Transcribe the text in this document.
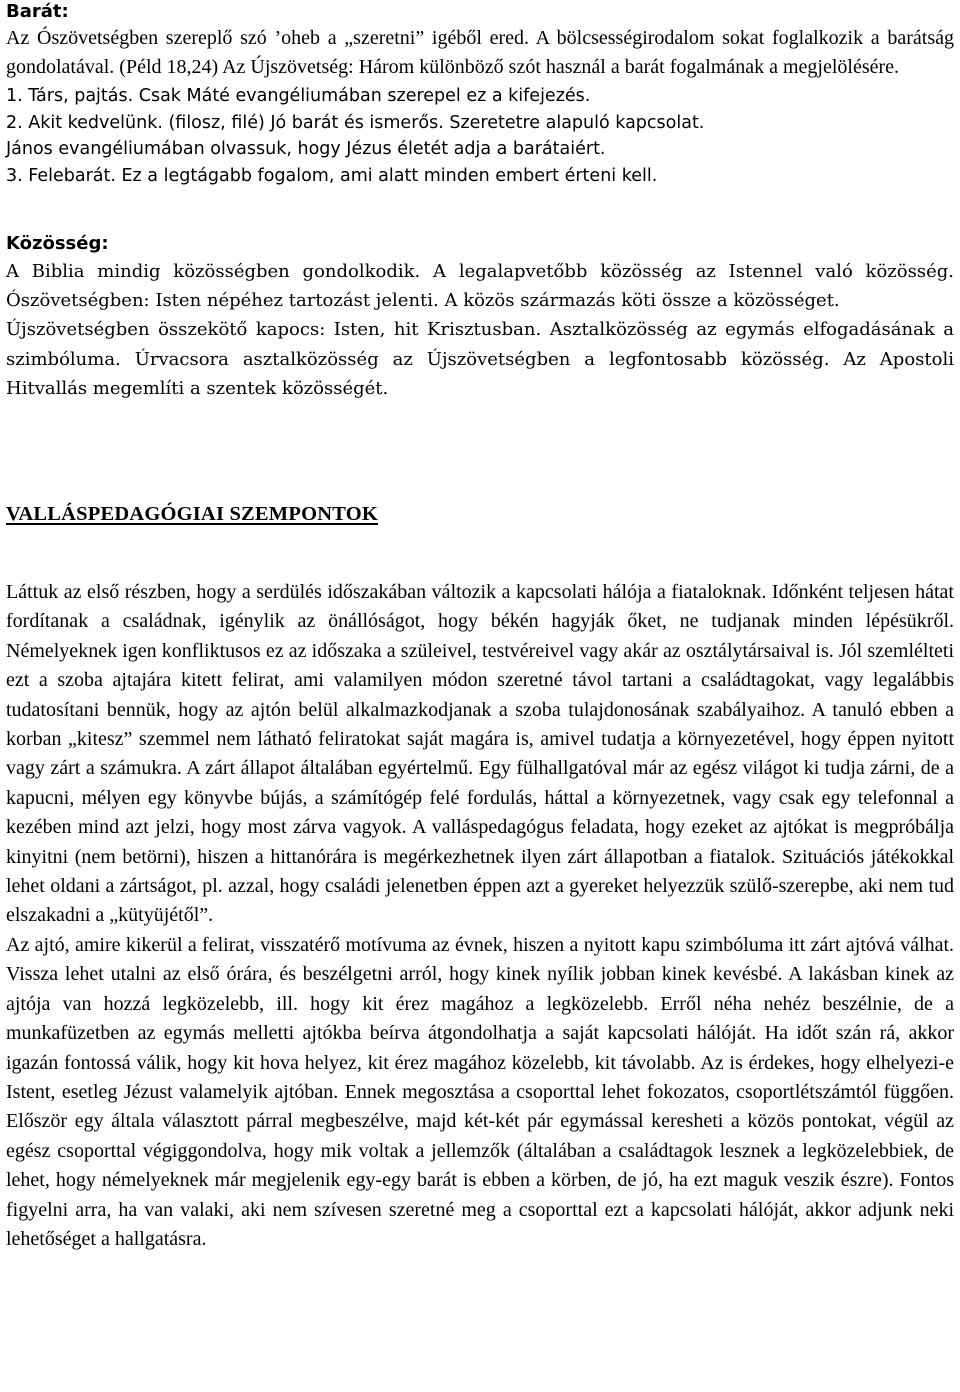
Barát:

Az Ószövetségben szereplő szó ’oheb a „szeretni” igéből ered. A bölcsességirodalom sokat foglalkozik a barátság gondolatával. (Péld 18,24) Az Újszövetség: Három különböző szót használ a barát fogalmának a megjelölésére.

1. Társ, pajtás. Csak Máté evangéliumában szerepel ez a kifejezés.
2. Akit kedvelünk. (filosz, filé) Jó barát és ismerős. Szeretetre alapuló kapcsolat.
János evangéliumában olvassuk, hogy Jézus életét adja a barátaiért.
3. Felebarát. Ez a legtágabb fogalom, ami alatt minden embert érteni kell.
Közösség:

A Biblia mindig közösségben gondolkodik. A legalapvetőbb közösség az Istennel való közösség. Ószövetségben: Isten népéhez tartozást jelenti. A közös származás köti össze a közösséget.

Újszövetségben összekötő kapocs: Isten, hit Krisztusban. Asztalközösség az egymás elfogadásának a szimbóluma. Úrvacsora asztalközösség az Újszövetségben a legfontosabb közösség. Az Apostoli Hitvallás megemlíti a szentek közösségét.

VALLÁSPEDAGÓGIAI SZEMPONTOK

Láttuk az első részben, hogy a serdülés időszakában változik a kapcsolati hálója a fiataloknak. Időnként teljesen hátat fordítanak a családnak, igénylik az önállóságot, hogy békén hagyják őket, ne tudjanak minden lépésükről. Némelyeknek igen konfliktusos ez az időszaka a szüleivel, testvéreivel vagy akár az osztálytársaival is. Jól szemlélteti ezt a szoba ajtajára kitett felirat, ami valamilyen módon szeretné távol tartani a családtagokat, vagy legalábbis tudatosítani bennük, hogy az ajtón belül alkalmazkodjanak a szoba tulajdonosának szabályaihoz. A tanuló ebben a korban „kitesz” szemmel nem látható feliratokat saját magára is, amivel tudatja a környezetével, hogy éppen nyitott vagy zárt a számukra. A zárt állapot általában egyértelmű. Egy fülhallgatóval már az egész világot ki tudja zárni, de a kapucni, mélyen egy könyvbe bújás, a számítógép felé fordulás, háttal a környezetnek, vagy csak egy telefonnal a kezében mind azt jelzi, hogy most zárva vagyok. A valláspedagógus feladata, hogy ezeket az ajtókat is megpróbálja kinyitni (nem betörni), hiszen a hittanórára is megérkezhetnek ilyen zárt állapotban a fiatalok. Szituációs játékokkal lehet oldani a zártságot, pl. azzal, hogy családi jelenetben éppen azt a gyereket helyezzük szülő-szerepbe, aki nem tud elszakadni a „kütyüjétől”.

Az ajtó, amire kikerül a felirat, visszatérő motívuma az évnek, hiszen a nyitott kapu szimbóluma itt zárt ajtóvá válhat. Vissza lehet utalni az első órára, és beszélgetni arról, hogy kinek nyílik jobban kinek kevésbé. A lakásban kinek az ajtója van hozzá legközelebb, ill. hogy kit érez magához a legközelebb. Erről néha nehéz beszélnie, de a munkafüzetben az egymás melletti ajtókba beírva átgondolhatja a saját kapcsolati hálóját. Ha időt szán rá, akkor igazán fontossá válik, hogy kit hova helyez, kit érez magához közelebb, kit távolabb. Az is érdekes, hogy elhelyezi-e Istent, esetleg Jézust valamelyik ajtóban. Ennek megosztása a csoporttal lehet fokozatos, csoportlétszámtól függően. Először egy általa választott párral megbeszélve, majd két-két pár egymással keresheti a közös pontokat, végül az egész csoporttal végiggondolva, hogy mik voltak a jellemzők (általában a családtagok lesznek a legközelebbiek, de lehet, hogy némelyeknek már megjelenik egy-egy barát is ebben a körben, de jó, ha ezt maguk veszik észre). Fontos figyelni arra, ha van valaki, aki nem szívesen szeretné meg a csoporttal ezt a kapcsolati hálóját, akkor adjunk neki lehetőséget a hallgatásra.
